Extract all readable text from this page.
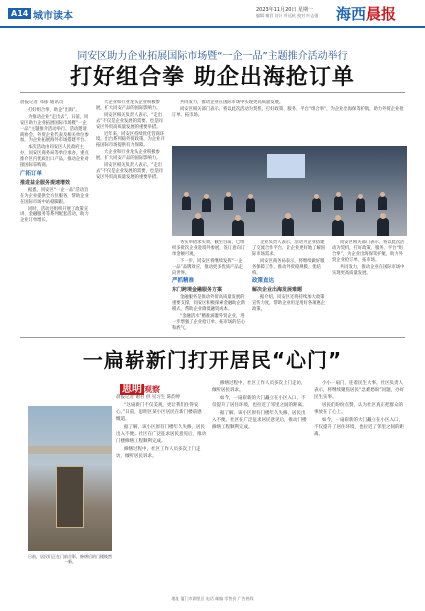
A14 城市读本
2023年11月20日 星期一
编辑 谢君 设计 叶远杭 校对 叶志强 海西晨报
同安区助力企业拓展国际市场暨“一企一品”主题推介活动举行
打好组合拳 助企出海抢订单
晨报记者 邓郁 通讯员

打好组合拳，助企“出海”。

为推动企业“走出去”，日前，同安区助力企业拓展国际市场暨“一企一品”主题推介活动举行。活动邀请商协会、外贸企业代表及相关单位参加，为企业拓展海外市场搭建平台。

本次活动由同安区人民政府主办，同安区商务局等单位承办，重点推介区内优质出口产品，推动企业对接国际采购商。

广拓订单
推进益企服务提速增效

据悉，同安区“一企一品”活动旨在为企业提供全方位服务，帮助企业在国际市场中站稳脚跟。

同时，活动还组织开展了政策宣讲、金融服务等系列配套活动，助力企业订单增长。

大企业和行业龙头企业积极参展，扩大同安产品的国际影响力。

同安区相关负责人表示，“走出去”不仅是企业发展的需要，也是同安区外贸高质量发展的重要举措。

近年来，同安区持续优化营商环境，出台系列稳外贸政策，为企业开拓国际市场提供有力保障。

大企业和行业龙头企业积极参展，扩大同安产品的国际影响力。

同安区相关负责人表示，“走出去”不仅是企业发展的需要，也是同安区外贸高质量发展的重要举措。

共同发力，推动企业在国际市场中实现更高质量发展。

同安区相关部门表示，将以此次活动为契机，打好政策、服务、平台“组合拳”，为企业出海保驾护航，助力外贸企业抢订单、拓市场。

务实举措求实效，截至目前，已组织多批次企业赴境外参展，签订意向订单金额可观。

下一步，同安区将继续发挥“一企一品”品牌效应，推动更多优质产品走向世界。

严抓精准
东门跨境金融服务方案

金融服务是推动外贸高质量发展的重要支撑，同安区积极探索金融助企新模式，帮助企业降低融资成本。

“金融活水”精准滴灌外贸企业，进一步增强了企业抢订单、拓市场的信心和底气。

企业负责人表示，活动为企业搭建了交流合作平台，让企业更好地了解国际市场需求。

同安区商务局表示，将继续做好服务保障工作，推动外贸稳规模、优结构。

政策直达
解决企业出海发展难题

据介绍，同安区还将持续加大政策宣传力度，帮助企业用足用好各项惠企政策。

同安区相关部门表示，将以此次活动为契机，打好政策、服务、平台“组合拳”，为企业出海保驾护航，助力外贸企业抢订单、拓市场。

共同发力，推动企业在国际市场中实现更高质量发展。

一扁崭新门打开居民“心门”
思明 观察
晨报记者 谢君 供 见习生 陈韵婷
日前，居民们正在门前合影，修缮后的门楼焕然一新。

“这扇新门不仅美观，更让我们住得安心。”日前，思明区某小区居民在新门楼前感慨道。

据了解，该小区原有门楼年久失修，居民出入不便。社区在广泛征求居民意见后，推动门楼修缮工程顺利完成。

修缮过程中，社区工作人员多次上门走访，倾听居民诉求。

修缮过程中，社区工作人员多次上门走访，倾听居民诉求。

如今，一扇崭新的大门矗立在小区入口，不仅提升了居住环境，也拉近了邻里之间的距离。

据了解，该小区原有门楼年久失修，居民出入不便。社区在广泛征求居民意见后，推动门楼修缮工程顺利完成。

小小一扇门，连着民生大事。社区负责人表示，将继续聚焦居民“急难愁盼”问题，办好民生实事。

居民们纷纷点赞，认为社区真正把群众的事放在了心上。

如今，一扇崭新的大门矗立在小区入口，不仅提升了居住环境，也拉近了邻里之间的距离。

地址 厦门市湖里区 电话 邮编 零售价 广告热线
